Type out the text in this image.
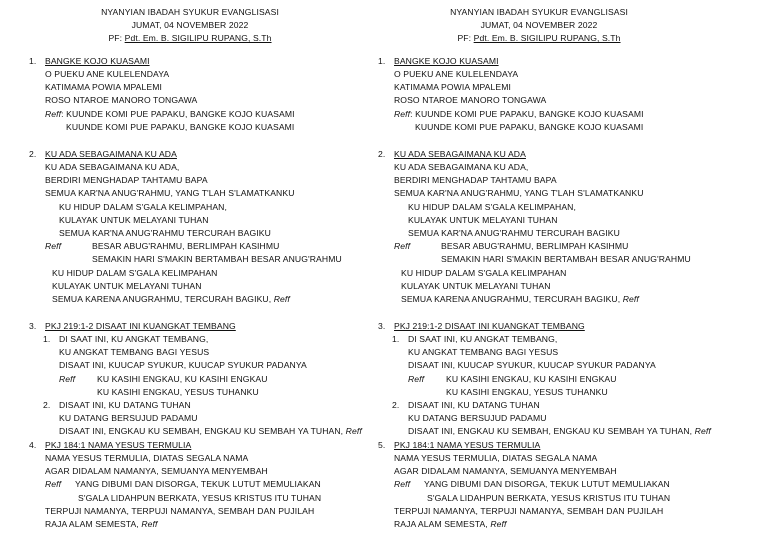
NYANYIAN IBADAH SYUKUR EVANGLISASI
JUMAT, 04 NOVEMBER 2022
PF: Pdt. Em. B. SIGILIPU RUPANG, S.Th
1. BANGKE KOJO KUASAMI
O PUEKU ANE KULELENDAYA
KATIMAMA POWIA MPALEMI
ROSO NTAROE MANORO TONGAWA
Reff: KUUNDE KOMI PUE PAPAKU, BANGKE KOJO KUASAMI
KUUNDE KOMI PUE PAPAKU, BANGKE KOJO KUASAMI
2. KU ADA SEBAGAIMANA KU ADA
KU ADA SEBAGAIMANA KU ADA,
BERDIRI MENGHADAP TAHTAMU BAPA
SEMUA KAR'NA ANUG'RAHMU, YANG T'LAH S'LAMATKANKU
KU HIDUP DALAM S'GALA KELIMPAHAN,
KULAYAK UNTUK MELAYANI TUHAN
SEMUA KAR'NA ANUG'RAHMU TERCURAH BAGIKU
Reff	BESAR ABUG'RAHMU, BERLIMPAH KASIHMU
SEMAKIN HARI S'MAKIN BERTAMBAH BESAR ANUG'RAHMU
KU HIDUP DALAM S'GALA KELIMPAHAN
KULAYAK UNTUK MELAYANI TUHAN
SEMUA KARENA ANUGRAHMU, TERCURAH BAGIKU, Reff
3. PKJ 219:1-2 DISAAT INI KUANGKAT TEMBANG
1. DI SAAT INI, KU ANGKAT TEMBANG,
KU ANGKAT TEMBANG BAGI YESUS
DISAAT INI, KUUCAP SYUKUR, KUUCAP SYUKUR PADANYA
Reff	KU KASIHI ENGKAU, KU KASIHI ENGKAU
KU KASIHI ENGKAU, YESUS TUHANKU
2. DISAAT INI, KU DATANG TUHAN
KU DATANG BERSUJUD PADAMU
DISAAT INI, ENGKAU KU SEMBAH, ENGKAU KU SEMBAH YA TUHAN, Reff
4. PKJ 184:1 NAMA YESUS TERMULIA
NAMA YESUS TERMULIA, DIATAS SEGALA NAMA
AGAR DIDALAM NAMANYA, SEMUANYA MENYEMBAH
Reff YANG DIBUMI DAN DISORGA, TEKUK LUTUT MEMULIAKAN
S'GALA LIDAHPUN BERKATA, YESUS KRISTUS ITU TUHAN
TERPUJI NAMANYA, TERPUJI NAMANYA, SEMBAH DAN PUJILAH
RAJA ALAM SEMESTA, Reff
NYANYIAN IBADAH SYUKUR EVANGLISASI
JUMAT, 04 NOVEMBER 2022
PF: Pdt. Em. B. SIGILIPU RUPANG, S.Th
1. BANGKE KOJO KUASAMI
O PUEKU ANE KULELENDAYA
KATIMAMA POWIA MPALEMI
ROSO NTAROE MANORO TONGAWA
Reff: KUUNDE KOMI PUE PAPAKU, BANGKE KOJO KUASAMI
KUUNDE KOMI PUE PAPAKU, BANGKE KOJO KUASAMI
2. KU ADA SEBAGAIMANA KU ADA
KU ADA SEBAGAIMANA KU ADA,
BERDIRI MENGHADAP TAHTAMU BAPA
SEMUA KAR'NA ANUG'RAHMU, YANG T'LAH S'LAMATKANKU
KU HIDUP DALAM S'GALA KELIMPAHAN,
KULAYAK UNTUK MELAYANI TUHAN
SEMUA KAR'NA ANUG'RAHMU TERCURAH BAGIKU
Reff	BESAR ABUG'RAHMU, BERLIMPAH KASIHMU
SEMAKIN HARI S'MAKIN BERTAMBAH BESAR ANUG'RAHMU
KU HIDUP DALAM S'GALA KELIMPAHAN
KULAYAK UNTUK MELAYANI TUHAN
SEMUA KARENA ANUGRAHMU, TERCURAH BAGIKU, Reff
3. PKJ 219:1-2 DISAAT INI KUANGKAT TEMBANG
1. DI SAAT INI, KU ANGKAT TEMBANG,
KU ANGKAT TEMBANG BAGI YESUS
DISAAT INI, KUUCAP SYUKUR, KUUCAP SYUKUR PADANYA
Reff	KU KASIHI ENGKAU, KU KASIHI ENGKAU
KU KASIHI ENGKAU, YESUS TUHANKU
2. DISAAT INI, KU DATANG TUHAN
KU DATANG BERSUJUD PADAMU
DISAAT INI, ENGKAU KU SEMBAH, ENGKAU KU SEMBAH YA TUHAN, Reff
5. PKJ 184:1 NAMA YESUS TERMULIA
NAMA YESUS TERMULIA, DIATAS SEGALA NAMA
AGAR DIDALAM NAMANYA, SEMUANYA MENYEMBAH
Reff YANG DIBUMI DAN DISORGA, TEKUK LUTUT MEMULIAKAN
S'GALA LIDAHPUN BERKATA, YESUS KRISTUS ITU TUHAN
TERPUJI NAMANYA, TERPUJI NAMANYA, SEMBAH DAN PUJILAH
RAJA ALAM SEMESTA, Reff
